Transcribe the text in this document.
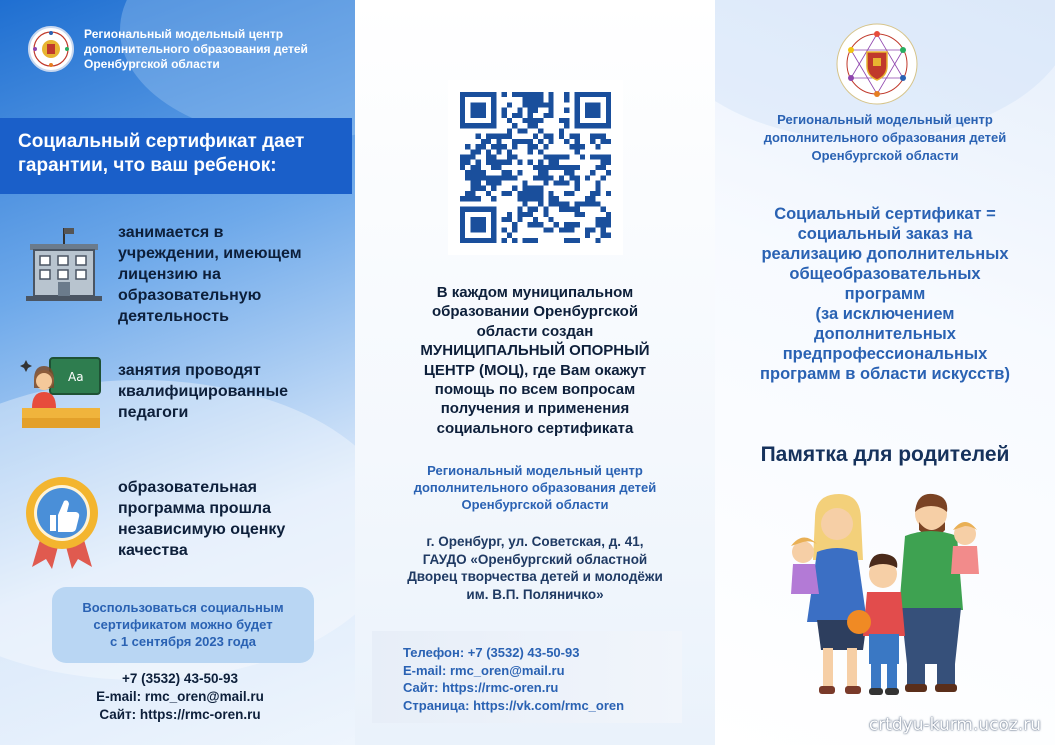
Региональный модельный центр
дополнительного образования детей
Оренбургской области
Социальный сертификат дает
гарантии, что ваш ребенок:
занимается в
учреждении, имеющем
лицензию на
образовательную
деятельность
Aa занятия проводят
квалифицированные
педагоги
образовательная
программа прошла
независимую оценку
качества
Воспользоваться социальным
сертификатом можно будет
с 1 сентября 2023 года
+7 (3532) 43-50-93
E-mail: rmc_oren@mail.ru
Сайт: https://rmc-oren.ru
В каждом муниципальном
образовании Оренбургской
области создан
МУНИЦИПАЛЬНЫЙ ОПОРНЫЙ
ЦЕНТР (МОЦ), где Вам окажут
помощь по всем вопросам
получения и применения
социального сертификата
Региональный модельный центр
дополнительного образования детей
Оренбургской области
г. Оренбург, ул. Советская, д. 41,
ГАУДО «Оренбургский областной
Дворец творчества детей и молодёжи
им. В.П. Поляничко»
Телефон: +7 (3532) 43-50-93
E-mail: rmc_oren@mail.ru
Сайт: https://rmc-oren.ru
Страница: https://vk.com/rmc_oren
Региональный модельный центр
дополнительного образования детей
Оренбургской области
Социальный сертификат =
социальный заказ на
реализацию дополнительных
общеобразовательных
программ
(за исключением
дополнительных
предпрофессиональных
программ в области искусств)
Памятка для родителей
crtdyu-kurm.ucoz.ru
